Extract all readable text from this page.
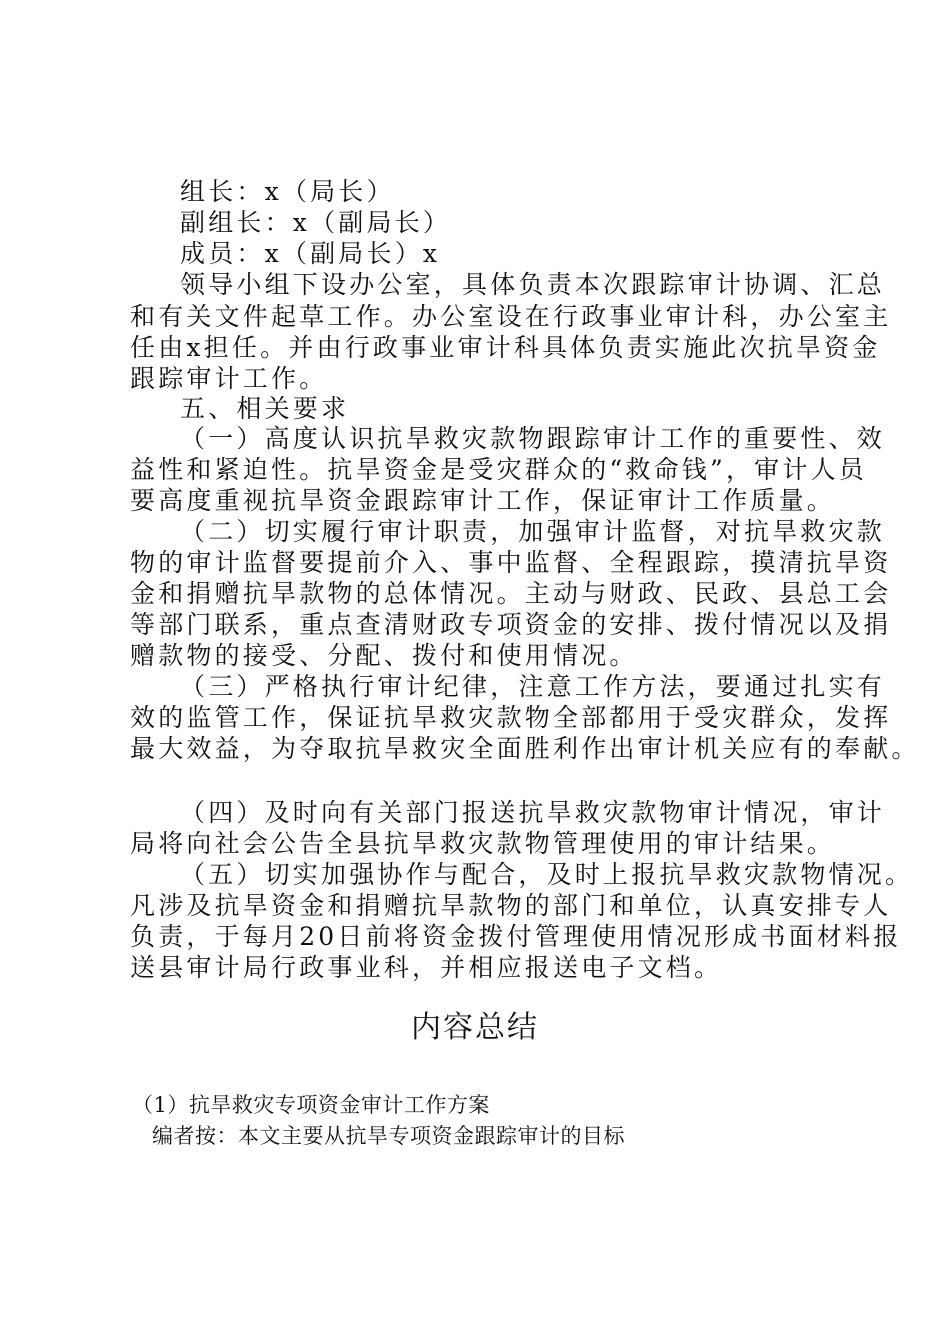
组长：x（局长）
副组长：x（副局长）
成员：x（副局长）x
领导小组下设办公室，具体负责本次跟踪审计协调、汇总
和有关文件起草工作。办公室设在行政事业审计科，办公室主
任由x担任。并由行政事业审计科具体负责实施此次抗旱资金
跟踪审计工作。
五、相关要求
（一）高度认识抗旱救灾款物跟踪审计工作的重要性、效
益性和紧迫性。抗旱资金是受灾群众的“救命钱”，审计人员
要高度重视抗旱资金跟踪审计工作，保证审计工作质量。
（二）切实履行审计职责，加强审计监督，对抗旱救灾款
物的审计监督要提前介入、事中监督、全程跟踪，摸清抗旱资
金和捐赠抗旱款物的总体情况。主动与财政、民政、县总工会
等部门联系，重点查清财政专项资金的安排、拨付情况以及捐
赠款物的接受、分配、拨付和使用情况。
（三）严格执行审计纪律，注意工作方法，要通过扎实有
效的监管工作，保证抗旱救灾款物全部都用于受灾群众，发挥
最大效益，为夺取抗旱救灾全面胜利作出审计机关应有的奉献。
（四）及时向有关部门报送抗旱救灾款物审计情况，审计
局将向社会公告全县抗旱救灾款物管理使用的审计结果。
（五）切实加强协作与配合，及时上报抗旱救灾款物情况。
凡涉及抗旱资金和捐赠抗旱款物的部门和单位，认真安排专人
负责，于每月20日前将资金拨付管理使用情况形成书面材料报
送县审计局行政事业科，并相应报送电子文档。
内容总结
（1）抗旱救灾专项资金审计工作方案
编者按：本文主要从抗旱专项资金跟踪审计的目标
